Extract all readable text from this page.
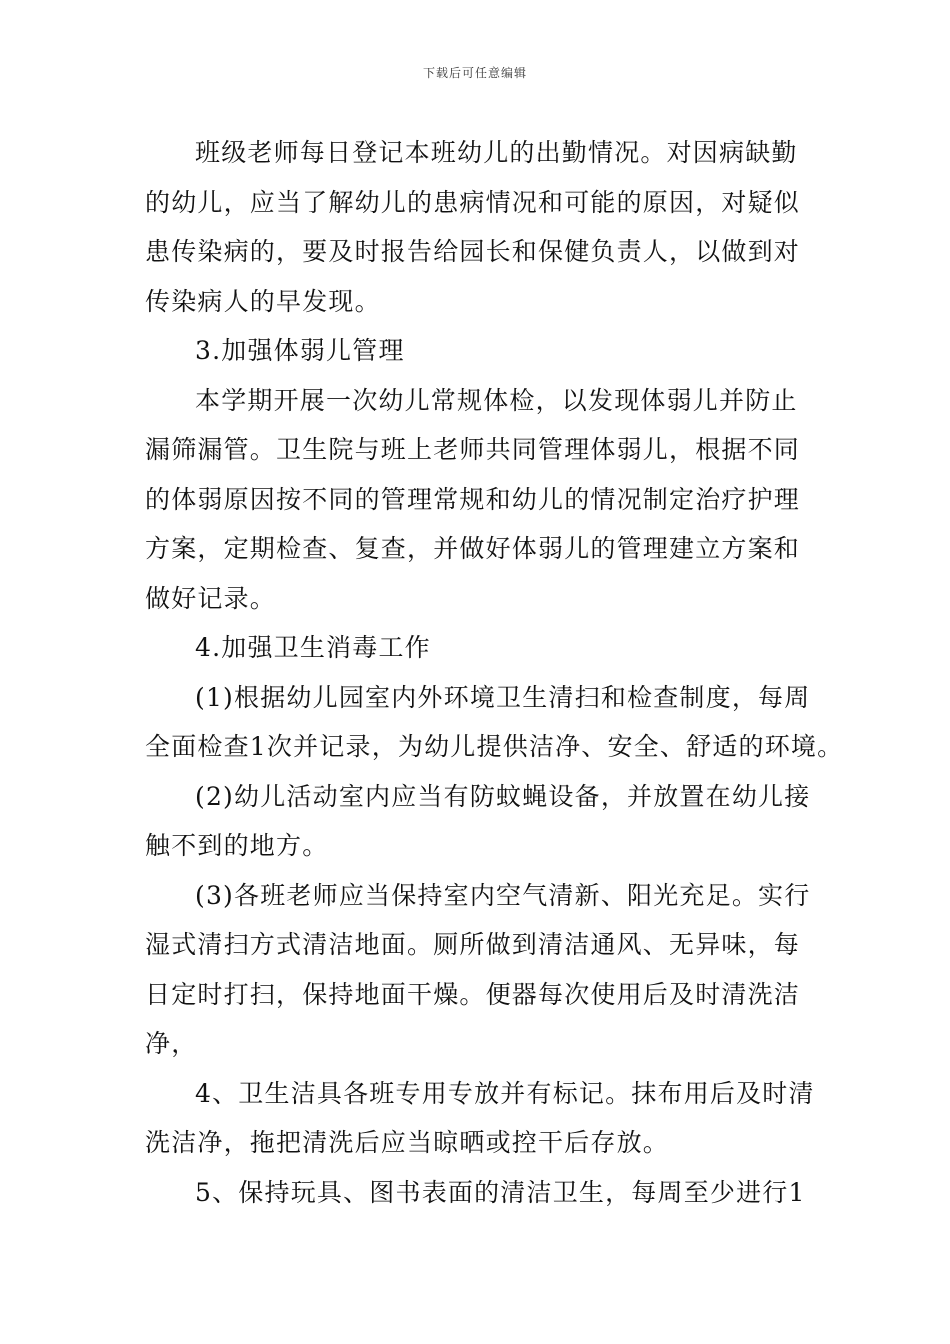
下载后可任意编辑
班级老师每日登记本班幼儿的出勤情况。对因病缺勤
的幼儿，应当了解幼儿的患病情况和可能的原因，对疑似
患传染病的，要及时报告给园长和保健负责人，以做到对
传染病人的早发现。
3.加强体弱儿管理
本学期开展一次幼儿常规体检，以发现体弱儿并防止
漏筛漏管。卫生院与班上老师共同管理体弱儿，根据不同
的体弱原因按不同的管理常规和幼儿的情况制定治疗护理
方案，定期检查、复查，并做好体弱儿的管理建立方案和
做好记录。
4.加强卫生消毒工作
(1)根据幼儿园室内外环境卫生清扫和检查制度，每周
全面检查1次并记录，为幼儿提供洁净、安全、舒适的环境。
(2)幼儿活动室内应当有防蚊蝇设备，并放置在幼儿接
触不到的地方。
(3)各班老师应当保持室内空气清新、阳光充足。实行
湿式清扫方式清洁地面。厕所做到清洁通风、无异味，每
日定时打扫，保持地面干燥。便器每次使用后及时清洗洁
净，
4、卫生洁具各班专用专放并有标记。抹布用后及时清
洗洁净，拖把清洗后应当晾晒或控干后存放。
5、保持玩具、图书表面的清洁卫生，每周至少进行1
